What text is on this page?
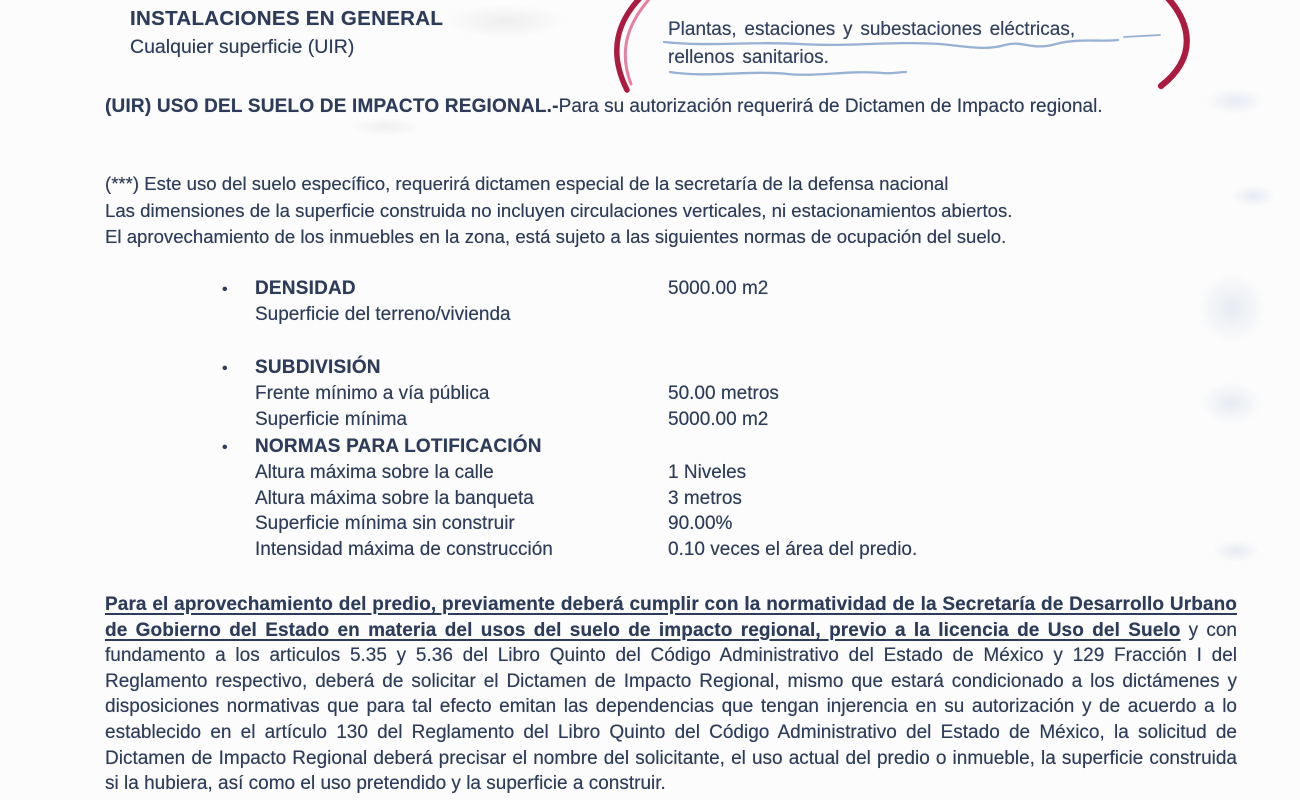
INSTALACIONES EN GENERAL
Cualquier superficie (UIR)
Plantas, estaciones y subestaciones eléctricas,
rellenos sanitarios.
(UIR) USO DEL SUELO DE IMPACTO REGIONAL.-Para su autorización requerirá de Dictamen de Impacto regional.
(***) Este uso del suelo específico, requerirá dictamen especial de la secretaría de la defensa nacional
Las dimensiones de la superficie construida no incluyen circulaciones verticales, ni estacionamientos abiertos.
El aprovechamiento de los inmuebles en la zona, está sujeto a las siguientes normas de ocupación del suelo.
•	DENSIDAD	5000.00 m2
Superficie del terreno/vivienda
•	SUBDIVISIÓN
Frente mínimo a vía pública	50.00 metros
Superficie mínima	5000.00 m2
•	NORMAS PARA LOTIFICACIÓN
Altura máxima sobre la calle	1 Niveles
Altura máxima sobre la banqueta	3 metros
Superficie mínima sin construir	90.00%
Intensidad máxima de construcción	0.10 veces el área del predio.
Para el aprovechamiento del predio, previamente deberá cumplir con la normatividad de la Secretaría de Desarrollo Urbano de Gobierno del Estado en materia del usos del suelo de impacto regional, previo a la licencia de Uso del Suelo y con fundamento a los articulos 5.35 y 5.36 del Libro Quinto del Código Administrativo del Estado de México y 129 Fracción I del Reglamento respectivo, deberá de solicitar el Dictamen de Impacto Regional, mismo que estará condicionado a los dictámenes y disposiciones normativas que para tal efecto emitan las dependencias que tengan injerencia en su autorización y de acuerdo a lo establecido en el artículo 130 del Reglamento del Libro Quinto del Código Administrativo del Estado de México, la solicitud de Dictamen de Impacto Regional deberá precisar el nombre del solicitante, el uso actual del predio o inmueble, la superficie construida si la hubiera, así como el uso pretendido y la superficie a construir.
